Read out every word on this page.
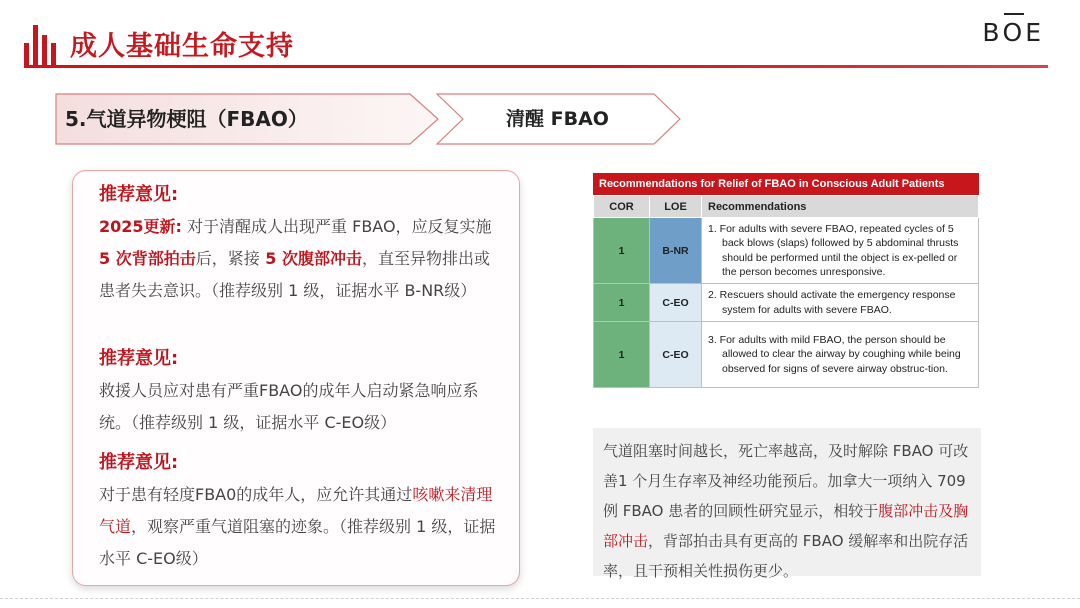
成人基础生命支持	BOE
5.气道异物梗阻（FBAO）	清醒 FBAO
推荐意见:
2025更新: 对于清醒成人出现严重 FBAO，应反复实施 5 次背部拍击后，紧接 5 次腹部冲击，直至异物排出或患者失去意识。（推荐级别 1 级，证据水平 B-NR级）
推荐意见:
救援人员应对患有严重FBAO的成年人启动紧急响应系统。（推荐级别 1 级，证据水平 C-EO级）
推荐意见:
对于患有轻度FBA0的成年人，应允许其通过咳嗽来清理气道，观察严重气道阻塞的迹象。（推荐级别 1 级，证据水平 C-EO级）
Recommendations for Relief of FBAO in Conscious Adult Patients
COR	LOE	Recommendations
1	B-NR	1. For adults with severe FBAO, repeated cycles of 5 back blows (slaps) followed by 5 abdominal thrusts should be performed until the object is ex-pelled or the person becomes unresponsive.
1	C-EO	2. Rescuers should activate the emergency response system for adults with severe FBAO.
1	C-EO	3. For adults with mild FBAO, the person should be allowed to clear the airway by coughing while being observed for signs of severe airway obstruc-tion.
气道阻塞时间越长，死亡率越高，及时解除 FBAO 可改善1 个月生存率及神经功能预后。加拿大一项纳入 709 例 FBAO 患者的回顾性研究显示，相较于腹部冲击及胸部冲击，背部拍击具有更高的 FBAO 缓解率和出院存活率，且干预相关性损伤更少。
